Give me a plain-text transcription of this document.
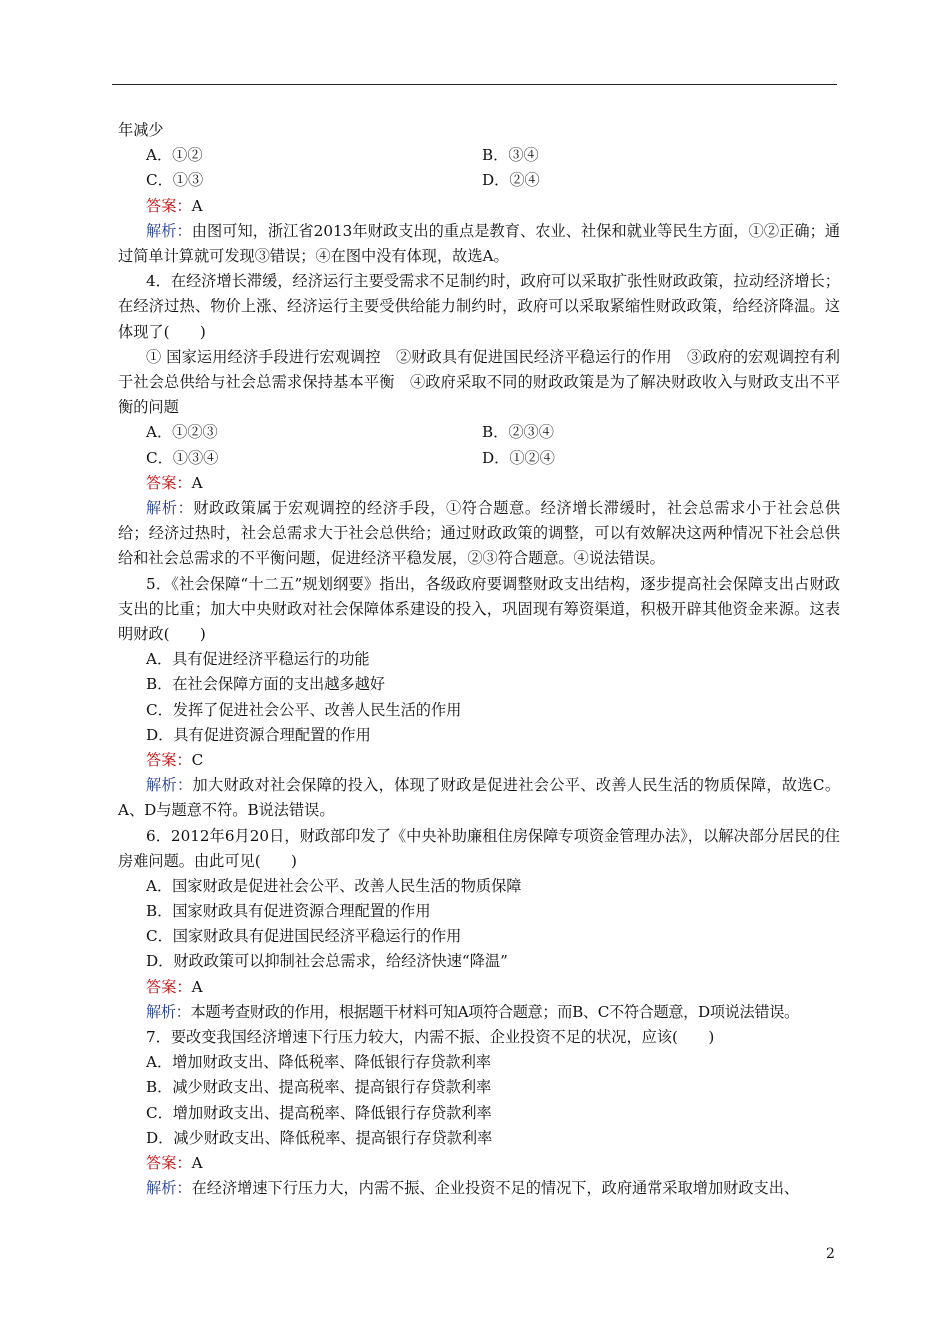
年减少
A．①②	B．③④
C．①③	D．②④
答案：A

解析：由图可知，浙江省2013年财政支出的重点是教育、农业、社保和就业等民生方面，①②正确；通过简单计算就可发现③错误；④在图中没有体现，故选A。

4．在经济增长滞缓，经济运行主要受需求不足制约时，政府可以采取扩张性财政政策，拉动经济增长；在经济过热、物价上涨、经济运行主要受供给能力制约时，政府可以采取紧缩性财政政策，给经济降温。这体现了(　　)

① 国家运用经济手段进行宏观调控　②财政具有促进国民经济平稳运行的作用　③政府的宏观调控有利于社会总供给与社会总需求保持基本平衡　④政府采取不同的财政政策是为了解决财政收入与财政支出不平衡的问题

A．①②③	B．②③④
C．①③④	D．①②④
答案：A

解析：财政政策属于宏观调控的经济手段，①符合题意。经济增长滞缓时，社会总需求小于社会总供给；经济过热时，社会总需求大于社会总供给；通过财政政策的调整，可以有效解决这两种情况下社会总供给和社会总需求的不平衡问题，促进经济平稳发展，②③符合题意。④说法错误。

5．《社会保障“十二五”规划纲要》指出，各级政府要调整财政支出结构，逐步提高社会保障支出占财政支出的比重；加大中央财政对社会保障体系建设的投入，巩固现有筹资渠道，积极开辟其他资金来源。这表明财政(　　)

A．具有促进经济平稳运行的功能
B．在社会保障方面的支出越多越好
C．发挥了促进社会公平、改善人民生活的作用
D．具有促进资源合理配置的作用
答案：C

解析：加大财政对社会保障的投入，体现了财政是促进社会公平、改善人民生活的物质保障，故选C。A、D与题意不符。B说法错误。

6．2012年6月20日，财政部印发了《中央补助廉租住房保障专项资金管理办法》，以解决部分居民的住房难问题。由此可见(　　)

A．国家财政是促进社会公平、改善人民生活的物质保障
B．国家财政具有促进资源合理配置的作用
C．国家财政具有促进国民经济平稳运行的作用
D．财政政策可以抑制社会总需求，给经济快速“降温”
答案：A

解析：本题考查财政的作用，根据题干材料可知A项符合题意；而B、C不符合题意，D项说法错误。

7．要改变我国经济增速下行压力较大，内需不振、企业投资不足的状况，应该(　　)

A．增加财政支出、降低税率、降低银行存贷款利率
B．减少财政支出、提高税率、提高银行存贷款利率
C．增加财政支出、提高税率、降低银行存贷款利率
D．减少财政支出、降低税率、提高银行存贷款利率
答案：A

解析：在经济增速下行压力大，内需不振、企业投资不足的情况下，政府通常采取增加财政支出、

2
